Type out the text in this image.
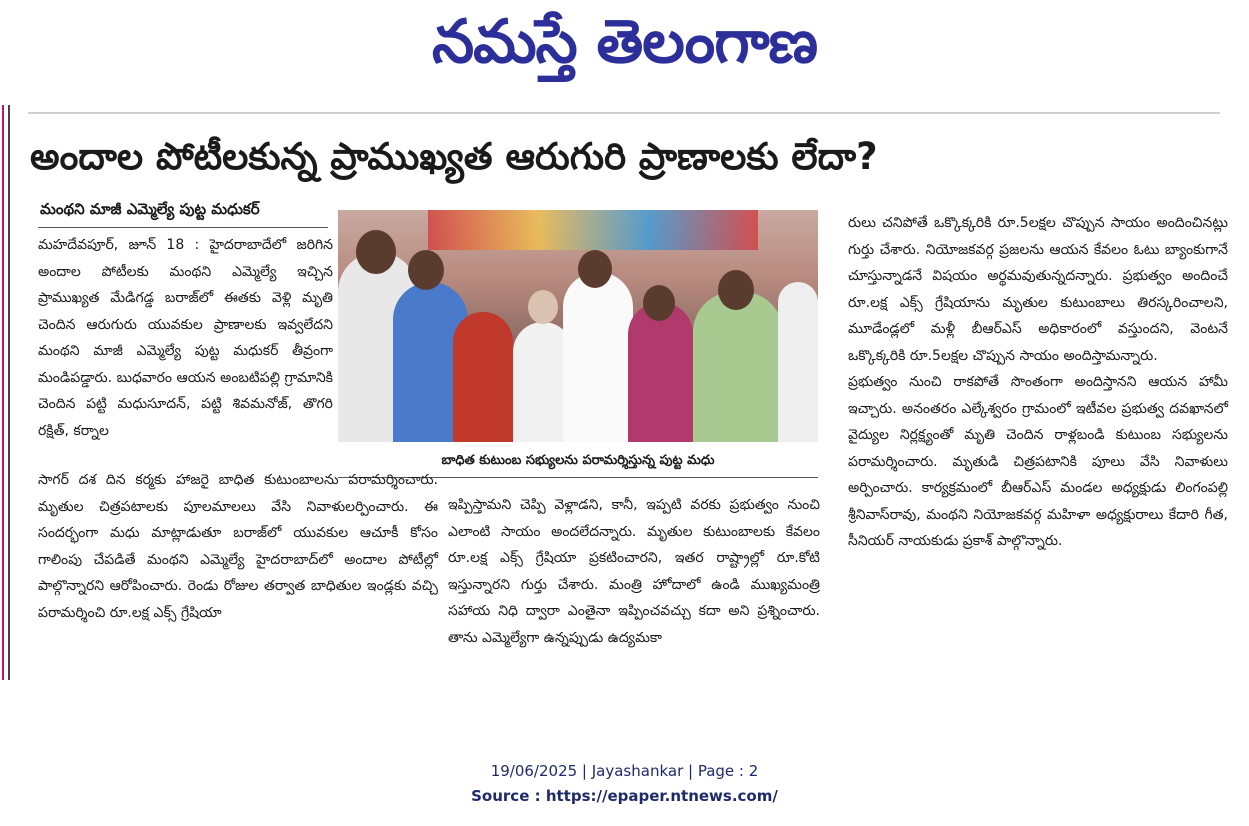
నమస్తే తెలంగాణ
అందాల పోటీలకున్న ప్రాముఖ్యత ఆరుగురి ప్రాణాలకు లేదా?
మంథని మాజీ ఎమ్మెల్యే పుట్ట మధుకర్

మహదేవపూర్, జూన్ 18 : హైదరాబాదేలో జరిగిన అందాల పోటీలకు మంథని ఎమ్మెల్యే ఇచ్చిన ప్రాముఖ్యత మేడిగడ్డ బరాజ్‌లో ఈతకు వెళ్లి మృతి చెందిన ఆరుగురు యువకుల ప్రాణాలకు ఇవ్వలేదని మంథని మాజీ ఎమ్మెల్యే పుట్ట మధుకర్ తీవ్రంగా మండిపడ్డారు. బుధవారం ఆయన అంబటిపల్లి గ్రామానికి చెందిన పట్టి మధుసూదన్, పట్టి శివమనోజ్, తొగరి రక్షిత్, కర్నాల

బాధిత కుటుంబ సభ్యులను పరామర్శిస్తున్న పుట్ట మధు

సాగర్ దశ దిన కర్మకు హాజరై బాధిత కుటుంబాలను పరామర్శించారు. మృతుల చిత్రపటాలకు పూలమాలలు వేసి నివాళులర్పించారు. ఈ సందర్భంగా మధు మాట్లాడుతూ బరాజ్‌లో యువకుల ఆచూకీ కోసం గాలింపు చేపడితే మంథని ఎమ్మెల్యే హైదరాబాద్‌లో అందాల పోటీల్లో పాల్గొన్నారని ఆరోపించారు. రెండు రోజుల తర్వాత బాధితుల ఇండ్లకు వచ్చి పరామర్శించి రూ.లక్ష ఎక్స్ గ్రేషియా

ఇప్పిస్తామని చెప్పి వెళ్లాడని, కానీ, ఇప్పటి వరకు ప్రభుత్వం నుంచి ఎలాంటి సాయం అందలేదన్నారు. మృతుల కుటుంబాలకు కేవలం రూ.లక్ష ఎక్స్ గ్రేషియా ప్రకటించారని, ఇతర రాష్ట్రాల్లో రూ.కోటి ఇస్తున్నారని గుర్తు చేశారు. మంత్రి హోదాలో ఉండి ముఖ్యమంత్రి సహాయ నిధి ద్వారా ఎంతైనా ఇప్పించవచ్చు కదా అని ప్రశ్నించారు. తాను ఎమ్మెల్యేగా ఉన్నప్పుడు ఉద్యమకా

రులు చనిపోతే ఒక్కొక్కరికి రూ.5లక్షల చొప్పున సాయం అందించినట్లు గుర్తు చేశారు. నియోజకవర్గ ప్రజలను ఆయన కేవలం ఓటు బ్యాంకుగానే చూస్తున్నాడనే విషయం అర్థమవుతున్నదన్నారు. ప్రభుత్వం అందించే రూ.లక్ష ఎక్స్ గ్రేషియాను మృతుల కుటుంబాలు తిరస్కరించాలని, మూడేండ్లలో మళ్లీ బీఆర్‌ఎస్ అధికారంలో వస్తుందని, వెంటనే ఒక్కొక్కరికి రూ.5లక్షల చొప్పున సాయం అందిస్తామన్నారు.

ప్రభుత్వం నుంచి రాకపోతే సొంతంగా అందిస్తానని ఆయన హామీ ఇచ్చారు. అనంతరం ఎల్కేశ్వరం గ్రామంలో ఇటీవల ప్రభుత్వ దవఖానలో వైద్యుల నిర్లక్ష్యంతో మృతి చెందిన రాళ్లబండి కుటుంబ సభ్యులను పరామర్శించారు. మృతుడి చిత్రపటానికి పూలు వేసి నివాళులు అర్పించారు. కార్యక్రమంలో బీఆర్‌ఎస్ మండల అధ్యక్షుడు లింగంపల్లి శ్రీనివాస్‌రావు, మంథని నియోజకవర్గ మహిళా అధ్యక్షురాలు కేదారి గీత, సీనియర్ నాయకుడు ప్రకాశ్ పాల్గొన్నారు.

19/06/2025 | Jayashankar | Page : 2
Source : https://epaper.ntnews.com/
